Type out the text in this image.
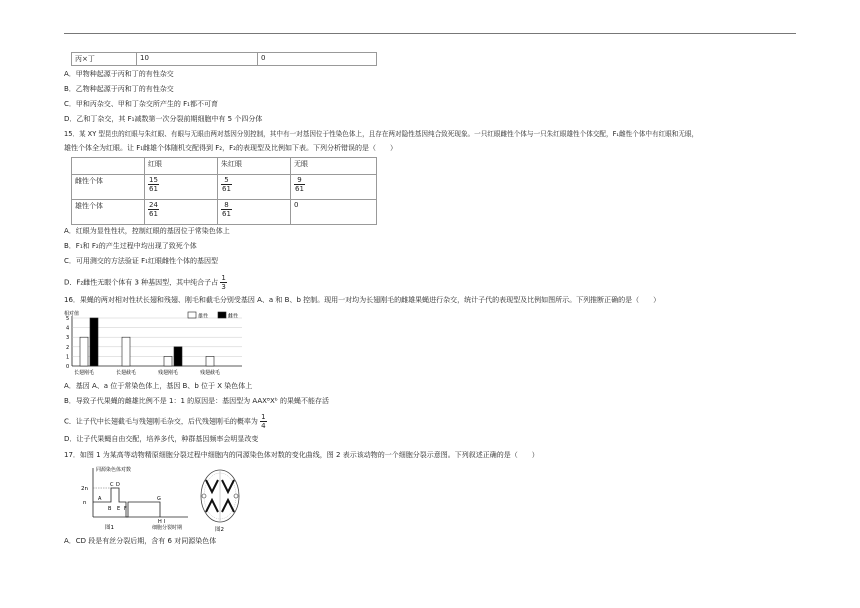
丙×丁	10	0
A．甲物种起源于丙和丁的有性杂交
B．乙物种起源于丙和丁的有性杂交
C．甲和丙杂交、甲和丁杂交所产生的 F₁都不可育
D．乙和丁杂交，其 F₁减数第一次分裂前期细胞中有 5 个四分体
15．某 XY 型昆虫的红眼与朱红眼、有眼与无眼由两对基因分别控制，其中有一对基因位于性染色体上，且存在两对隐性基因纯合致死现象。一只红眼雌性个体与一只朱红眼雄性个体交配，F₁雌性个体中有红眼和无眼，
雄性个体全为红眼。让 F₁雌雄个体随机交配得到 F₂，F₂的表现型及比例如下表。下列分析错误的是（　　）
	红眼	朱红眼	无眼
雌性个体	$\frac{15}{61}$	$\frac{5}{61}$	$\frac{9}{61}$

雄性个体	$\frac{24}{61}$	$\frac{8}{61}$	0
A．红眼为显性性状，控制红眼的基因位于常染色体上
B．F₁和 F₂的产生过程中均出现了致死个体
C．可用测交的方法验证 F₁红眼雌性个体的基因型
D．F₂雌性无眼个体有 3 种基因型，其中纯合子占 $\frac{1}{3}$
16．果蝇的两对相对性状长翅和残翅、刚毛和截毛分别受基因 A、a 和 B、b 控制。现用一对均为长翅刚毛的雌雄果蝇进行杂交，统计子代的表现型及比例如图所示。下列推断正确的是（　　）
相对值
0
1
2
3
4
5
长翅刚毛	长翅截毛	残翅刚毛	残翅截毛
雄性	雌性
A．基因 A、a 位于常染色体上，基因 B、b 位于 X 染色体上
B．导致子代果蝇的雌雄比例不是 1：1 的原因是：基因型为 AAXᴮXᵇ 的果蝇不能存活
C．让子代中长翅截毛与残翅刚毛杂交，后代残翅刚毛的概率为 $\frac{1}{4}$
D．让子代果蝇自由交配，培养多代，种群基因频率会明显改变
17．如图 1 为某高等动物精原细胞分裂过程中细胞内的同源染色体对数的变化曲线，图 2 表示该动物的一个细胞分裂示意图。下列叙述正确的是（　　）
同源染色体对数
2n
n
A
B
C D
E F
G
H I
细胞分裂时期
图1	图2
A．CD 段是有丝分裂后期，含有 6 对同源染色体
